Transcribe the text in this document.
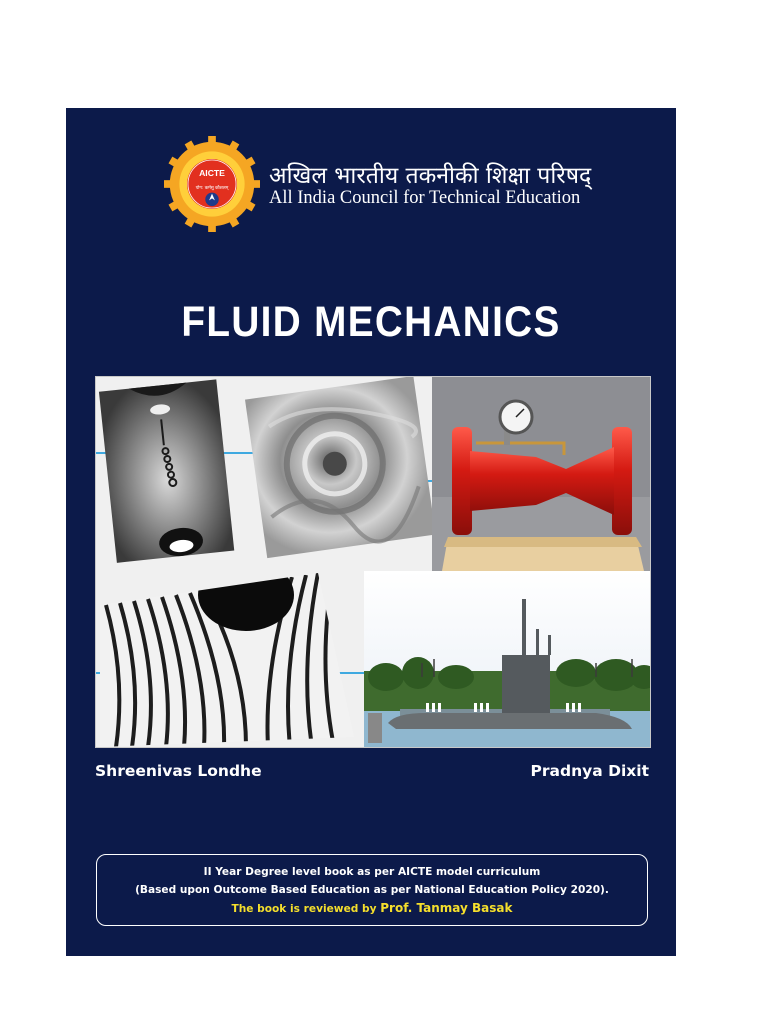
AICTE
योग: कर्मसु कौशलम् अखिल भारतीय तकनीकी शिक्षा परिषद्
All India Council for Technical Education
FLUID MECHANICS
Shreenivas Londhe	Pradnya Dixit
II Year Degree level book as per AICTE model curriculum
(Based upon Outcome Based Education as per National Education Policy 2020).
The book is reviewed by Prof. Tanmay Basak
